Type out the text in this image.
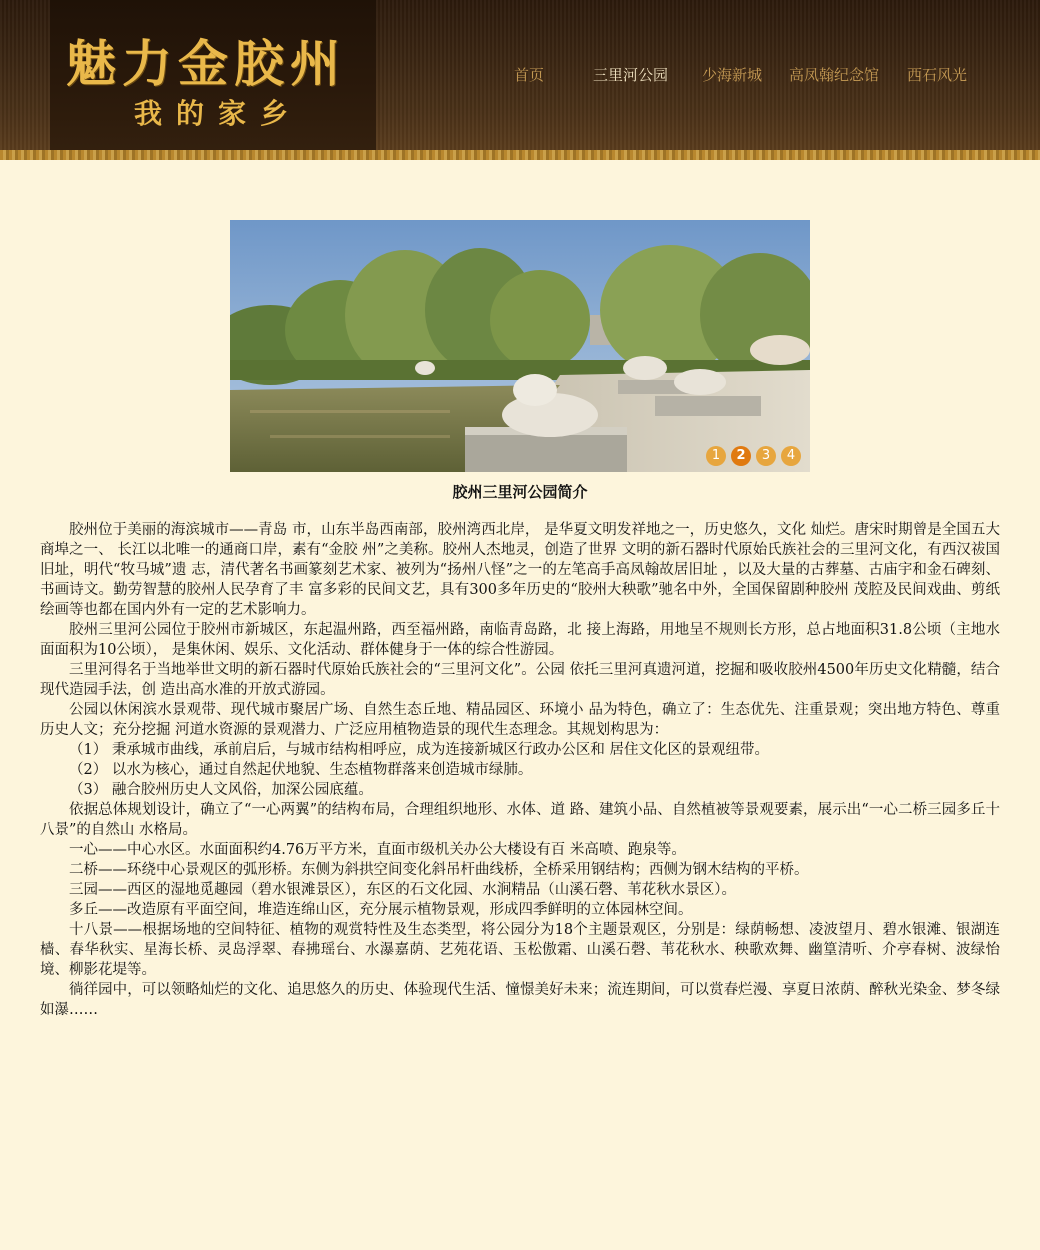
魅力金胶州
我的家乡
首页	三里河公园 少海新城 高凤翰纪念馆 西石风光
1	2	3	4
胶州三里河公园简介

胶州位于美丽的海滨城市——青岛 市，山东半岛西南部，胶州湾西北岸， 是华夏文明发祥地之一，历史悠久，文化 灿烂。唐宋时期曾是全国五大商埠之一、 长江以北唯一的通商口岸，素有“金胶 州”之美称。胶州人杰地灵，创造了世界 文明的新石器时代原始氏族社会的三里河文化，有西汉祓国旧址，明代“牧马城”遗 志，清代著名书画篆刻艺术家、被列为“扬州八怪”之一的左笔高手高凤翰故居旧址 ，以及大量的古葬墓、古庙宇和金石碑刻、书画诗文。勤劳智慧的胶州人民孕育了丰 富多彩的民间文艺，具有300多年历史的“胶州大秧歌”驰名中外，全国保留剧种胶州 茂腔及民间戏曲、剪纸绘画等也都在国内外有一定的艺术影响力。

胶州三里河公园位于胶州市新城区，东起温州路，西至福州路，南临青岛路，北 接上海路，用地呈不规则长方形，总占地面积31.8公顷（主地水面面积为10公顷）， 是集休闲、娱乐、文化活动、群体健身于一体的综合性游园。

三里河得名于当地举世文明的新石器时代原始氏族社会的“三里河文化”。公园 依托三里河真遗河道，挖掘和吸收胶州4500年历史文化精髓，结合现代造园手法，创 造出高水准的开放式游园。

公园以休闲滨水景观带、现代城市聚居广场、自然生态丘地、精品园区、环境小 品为特色，确立了：生态优先、注重景观；突出地方特色、尊重历史人文；充分挖掘 河道水资源的景观潜力、广泛应用植物造景的现代生态理念。其规划构思为：

（1） 秉承城市曲线，承前启后，与城市结构相呼应，成为连接新城区行政办公区和 居住文化区的景观纽带。

（2） 以水为核心，通过自然起伏地貌、生态植物群落来创造城市绿肺。

（3） 融合胶州历史人文风俗，加深公园底蕴。

依据总体规划设计，确立了“一心两翼”的结构布局，合理组织地形、水体、道 路、建筑小品、自然植被等景观要素，展示出“一心二桥三园多丘十八景”的自然山 水格局。

一心——中心水区。水面面积约4.76万平方米，直面市级机关办公大楼设有百 米高喷、跑泉等。

二桥——环绕中心景观区的弧形桥。东侧为斜拱空间变化斜吊杆曲线桥，全桥采用钢结构；西侧为钢木结构的平桥。

三园——西区的湿地觅趣园（碧水银滩景区），东区的石文化园、水涧精品（山溪石磬、苇花秋水景区）。

多丘——改造原有平面空间，堆造连绵山区，充分展示植物景观，形成四季鲜明的立体园林空间。

十八景——根据场地的空间特征、植物的观赏特性及生态类型，将公园分为18个主题景观区，分别是：绿荫畅想、凌波望月、碧水银滩、银湖连樯、春华秋实、星海长桥、灵岛浮翠、春拂瑶台、水瀑嘉荫、艺苑花语、玉松傲霜、山溪石磬、苇花秋水、秧歌欢舞、幽篁清听、介亭春树、波绿怡境、柳影花堤等。

徜徉园中，可以领略灿烂的文化、追思悠久的历史、体验现代生活、憧憬美好未来；流连期间，可以赏春烂漫、享夏日浓荫、醉秋光染金、梦冬绿如瀑……
